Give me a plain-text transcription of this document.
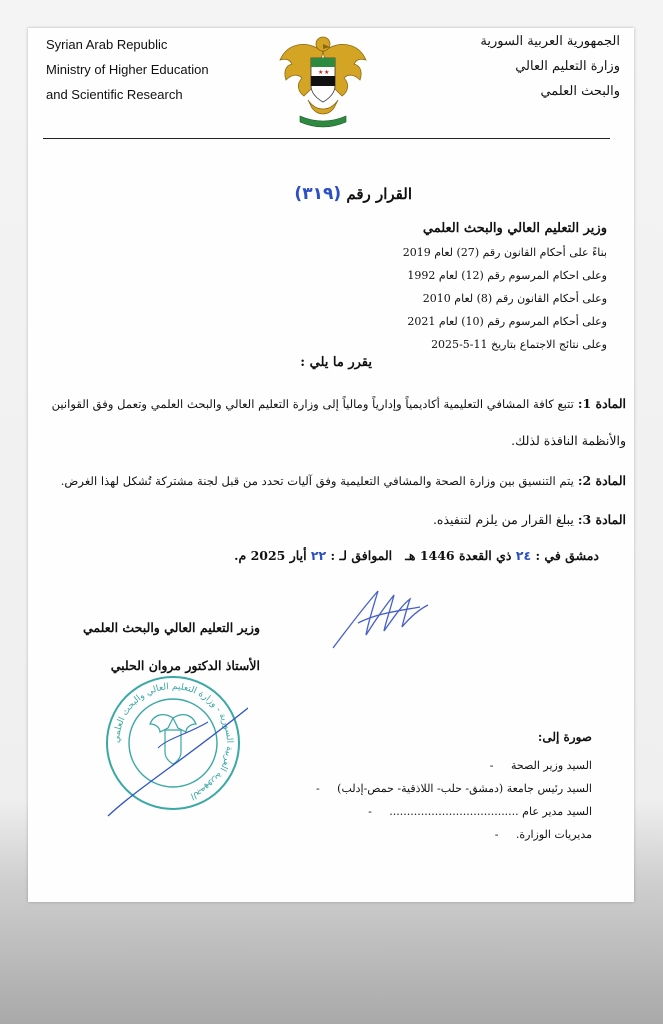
Syrian Arab Republic
Ministry of Higher Education
and Scientific Research
★ ★
الجمهورية العربية السورية
وزارة التعليم العالي
والبحث العلمي
القرار رقم (٣١٩)
وزير التعليم العالي والبحث العلمي
بناءً على أحكام القانون رقم (27) لعام 2019
وعلى احكام المرسوم رقم (12) لعام 1992
وعلى أحكام القانون رقم (8) لعام 2010
وعلى أحكام المرسوم رقم (10) لعام 2021
وعلى نتائج الاجتماع بتاريخ 11-5-2025
يقرر ما يلي :
المادة 1: تتبع كافة المشافي التعليمية أكاديمياً وإدارياً ومالياً إلى وزارة التعليم العالي والبحث العلمي وتعمل وفق القوانين
والأنظمة النافذة لذلك.
المادة 2: يتم التنسيق بين وزارة الصحة والمشافي التعليمية وفق آليات تحدد من قبل لجنة مشتركة تُشكل لهذا الغرض.
المادة 3: يبلغ القرار من يلزم لتنفيذه.
دمشق في : ٢٤ ذي القعدة 1446 هـ   الموافق لـ : ٢٢ أيار 2025 م.
وزير التعليم العالي والبحث العلمي
الأستاذ الدكتور مروان الحلبي
الجمهورية العربية السورية - وزارة التعليم العالي والبحث العلمي
صورة إلى:
السيد وزير الصحة     -
السيد رئيس جامعة (دمشق- حلب- اللاذقية- حمص-إدلب)     -
السيد مدير عام .....................................     -
مديريات الوزارة.     -
